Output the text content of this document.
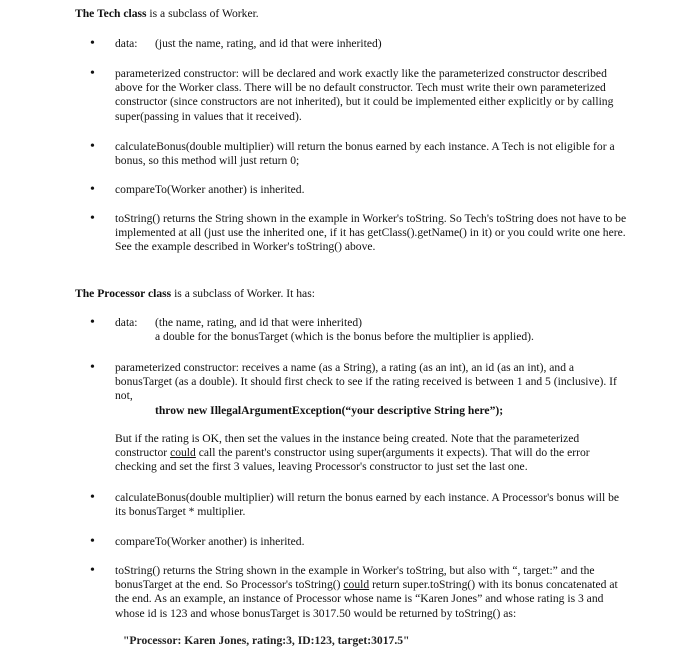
The Tech class is a subclass of Worker.
•	data:	(just the name, rating, and id that were inherited)
•	parameterized constructor: will be declared and work exactly like the parameterized constructor described above for the Worker class. There will be no default constructor. Tech must write their own parameterized constructor (since constructors are not inherited), but it could be implemented either explicitly or by calling super(passing in values that it received).
•	calculateBonus(double multiplier) will return the bonus earned by each instance. A Tech is not eligible for a bonus, so this method will just return 0;
•	compareTo(Worker another) is inherited.
•	toString() returns the String shown in the example in Worker's toString. So Tech's toString does not have to be implemented at all (just use the inherited one, if it has getClass().getName() in it) or you could write one here. See the example described in Worker's toString() above.
The Processor class is a subclass of Worker. It has:
•	data:	(the name, rating, and id that were inherited)
a double for the bonusTarget (which is the bonus before the multiplier is applied).
•	parameterized constructor: receives a name (as a String), a rating (as an int), an id (as an int), and a bonusTarget (as a double). It should first check to see if the rating received is between 1 and 5 (inclusive). If not,
throw new IllegalArgumentException(“your descriptive String here”);
But if the rating is OK, then set the values in the instance being created. Note that the parameterized constructor could call the parent's constructor using super(arguments it expects). That will do the error checking and set the first 3 values, leaving Processor's constructor to just set the last one.
•	calculateBonus(double multiplier) will return the bonus earned by each instance. A Processor's bonus will be its bonusTarget * multiplier.
•	compareTo(Worker another) is inherited.
•	toString() returns the String shown in the example in Worker's toString, but also with “, target:” and the bonusTarget at the end. So Processor's toString() could return super.toString() with its bonus concatenated at the end. As an example, an instance of Processor whose name is “Karen Jones” and whose rating is 3 and whose id is 123 and whose bonusTarget is 3017.50 would be returned by toString() as:
"Processor: Karen Jones, rating:3, ID:123, target:3017.5"
